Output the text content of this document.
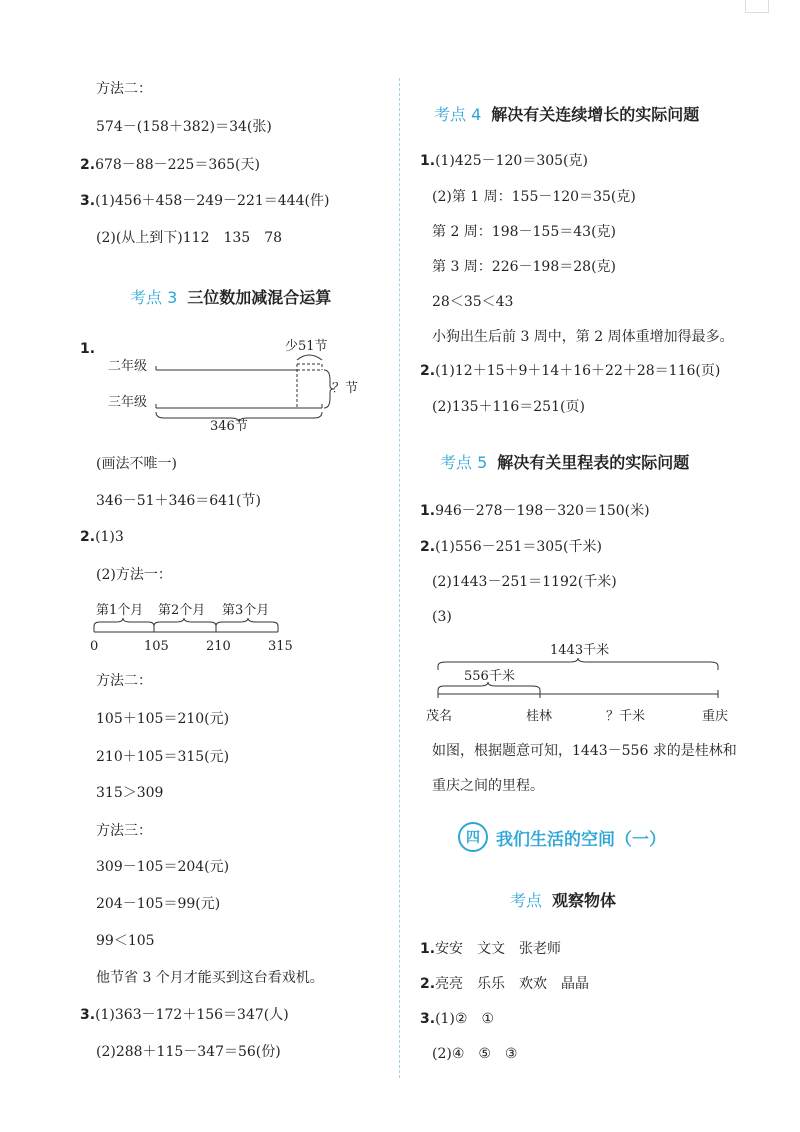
方法二：
574－(158＋382)＝34(张)
2.678－88－225＝365(天)
3.(1)456＋458－249－221＝444(件)
(2)(从上到下)112　135　78
考点 3 三位数加减混合运算
1.
二年级
三年级
少51节
？节
346节
(画法不唯一)
346－51＋346＝641(节)
2.(1)3
(2)方法一：
第1个月 第2个月 第3个月
0	105	210	315
方法二：
105＋105＝210(元)
210＋105＝315(元)
315＞309
方法三：
309－105＝204(元)
204－105＝99(元)
99＜105
他节省 3 个月才能买到这台看戏机。
3.(1)363－172＋156＝347(人)
(2)288＋115－347＝56(份)
考点 4 解决有关连续增长的实际问题
1.(1)425－120＝305(克)
(2)第 1 周：155－120＝35(克)
第 2 周：198－155＝43(克)
第 3 周：226－198＝28(克)
28＜35＜43
小狗出生后前 3 周中，第 2 周体重增加得最多。
2.(1)12＋15＋9＋14＋16＋22＋28＝116(页)
(2)135＋116＝251(页)
考点 5 解决有关里程表的实际问题
1.946－278－198－320＝150(米)
2.(1)556－251＝305(千米)
(2)1443－251＝1192(千米)
(3)
1443千米
556千米
茂名	桂林	？千米	重庆
如图，根据题意可知，1443－556 求的是桂林和
重庆之间的里程。
四 我们生活的空间（一）
考点 观察物体
1.安安　文文　张老师
2.亮亮　乐乐　欢欢　晶晶
3.(1)②　①
(2)④　⑤　③
